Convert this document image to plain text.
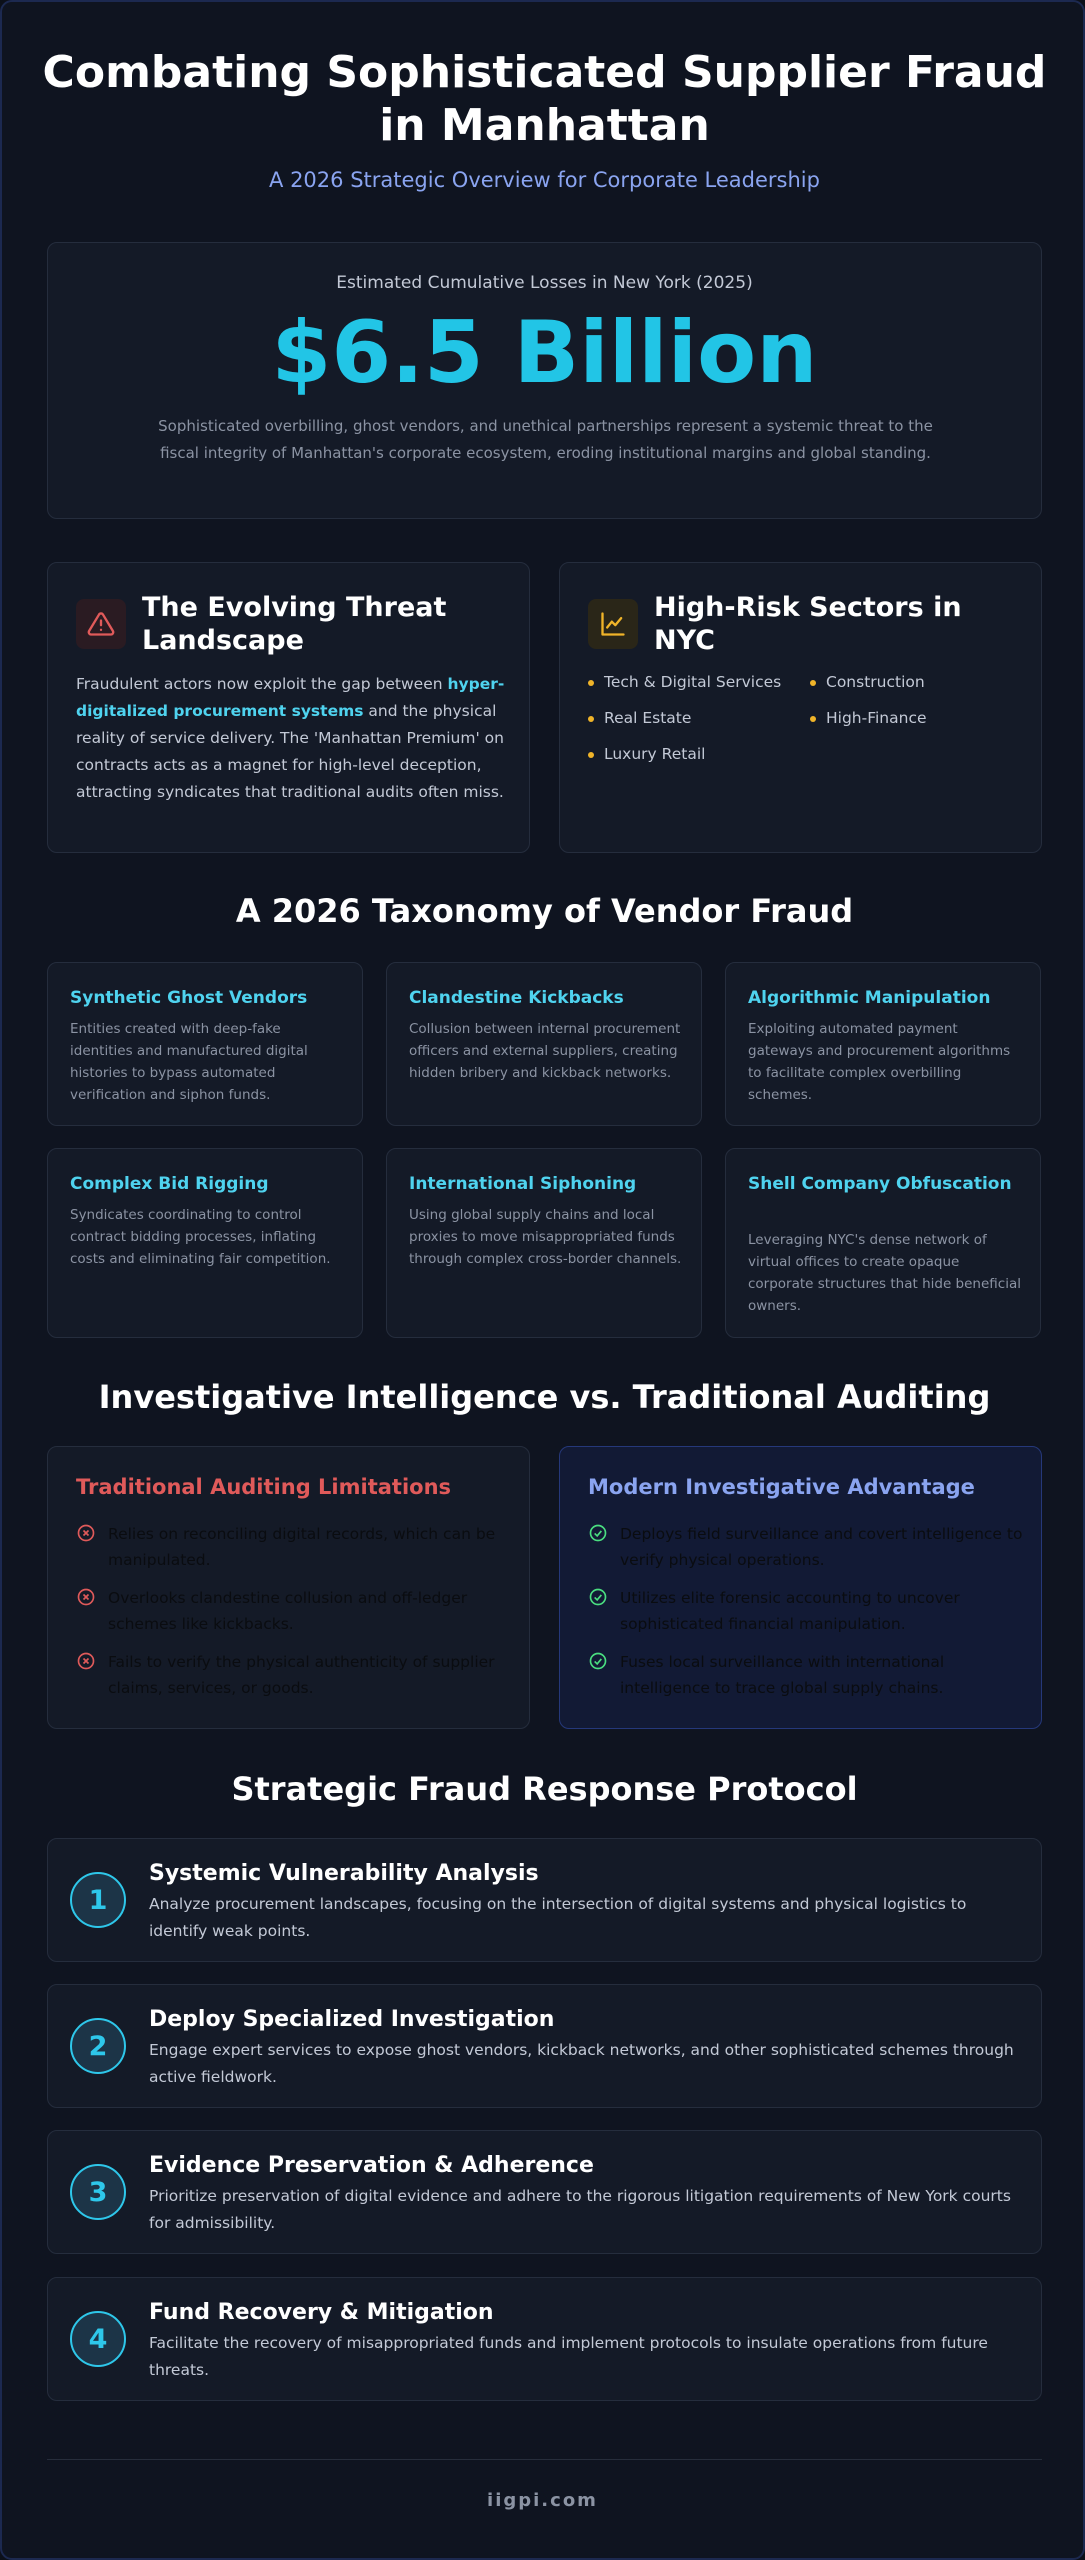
Combating Sophisticated Supplier Fraud in Manhattan
A 2026 Strategic Overview for Corporate Leadership
Estimated Cumulative Losses in New York (2025)
$6.5 Billion
Sophisticated overbilling, ghost vendors, and unethical partnerships represent a systemic threat to the fiscal integrity of Manhattan's corporate ecosystem, eroding institutional margins and global standing.
The Evolving Threat Landscape
Fraudulent actors now exploit the gap between hyper-digitalized procurement systems and the physical reality of service delivery. The 'Manhattan Premium' on contracts acts as a magnet for high-level deception, attracting syndicates that traditional audits often miss.
High-Risk Sectors in NYC
Tech & Digital Services	Construction
Real Estate	High-Finance
Luxury Retail
A 2026 Taxonomy of Vendor Fraud
Synthetic Ghost Vendors
Entities created with deep-fake identities and manufactured digital histories to bypass automated verification and siphon funds.
Clandestine Kickbacks
Collusion between internal procurement officers and external suppliers, creating hidden bribery and kickback networks.
Algorithmic Manipulation
Exploiting automated payment gateways and procurement algorithms to facilitate complex overbilling schemes.
Complex Bid Rigging
Syndicates coordinating to control contract bidding processes, inflating costs and eliminating fair competition.
International Siphoning
Using global supply chains and local proxies to move misappropriated funds through complex cross-border channels.
Shell Company Obfuscation
Leveraging NYC's dense network of virtual offices to create opaque corporate structures that hide beneficial owners.
Investigative Intelligence vs. Traditional Auditing
Traditional Auditing Limitations
Relies on reconciling digital records, which can be manipulated.
Overlooks clandestine collusion and off-ledger schemes like kickbacks.
Fails to verify the physical authenticity of supplier claims, services, or goods.
Modern Investigative Advantage
Deploys field surveillance and covert intelligence to verify physical operations.
Utilizes elite forensic accounting to uncover sophisticated financial manipulation.
Fuses local surveillance with international intelligence to trace global supply chains.
Strategic Fraud Response Protocol
1
Systemic Vulnerability Analysis
Analyze procurement landscapes, focusing on the intersection of digital systems and physical logistics to identify weak points.
2
Deploy Specialized Investigation
Engage expert services to expose ghost vendors, kickback networks, and other sophisticated schemes through active fieldwork.
3
Evidence Preservation & Adherence
Prioritize preservation of digital evidence and adhere to the rigorous litigation requirements of New York courts for admissibility.
4
Fund Recovery & Mitigation
Facilitate the recovery of misappropriated funds and implement protocols to insulate operations from future threats.
iigpi.com
